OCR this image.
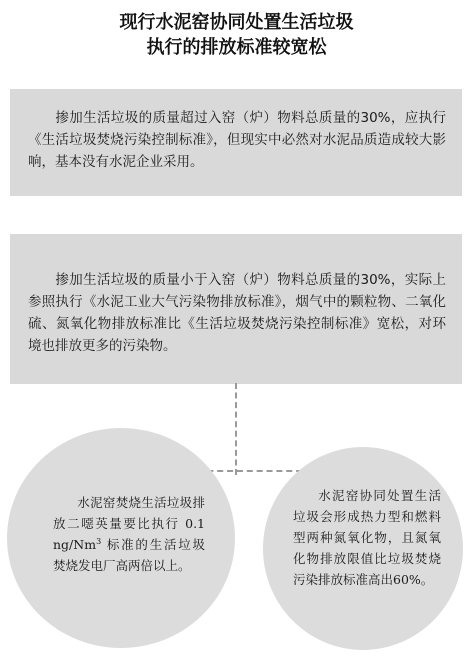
现行水泥窑协同处置生活垃圾
执行的排放标准较宽松

掺加生活垃圾的质量超过入窑（炉）物料总质量的30%，应执行《生活垃圾焚烧污染控制标准》，但现实中必然对水泥品质造成较大影响，基本没有水泥企业采用。

掺加生活垃圾的质量小于入窑（炉）物料总质量的30%，实际上参照执行《水泥工业大气污染物排放标准》，烟气中的颗粒物、二氧化硫、氮氧化物排放标准比《生活垃圾焚烧污染控制标准》宽松，对环境也排放更多的污染物。

水泥窑焚烧生活垃圾排放二噁英量要比执行 0.1 ng/Nm$^3$ 标准的生活垃圾焚烧发电厂高两倍以上。

水泥窑协同处置生活垃圾会形成热力型和燃料型两种氮氧化物，且氮氧化物排放限值比垃圾焚烧污染排放标准高出60%。
